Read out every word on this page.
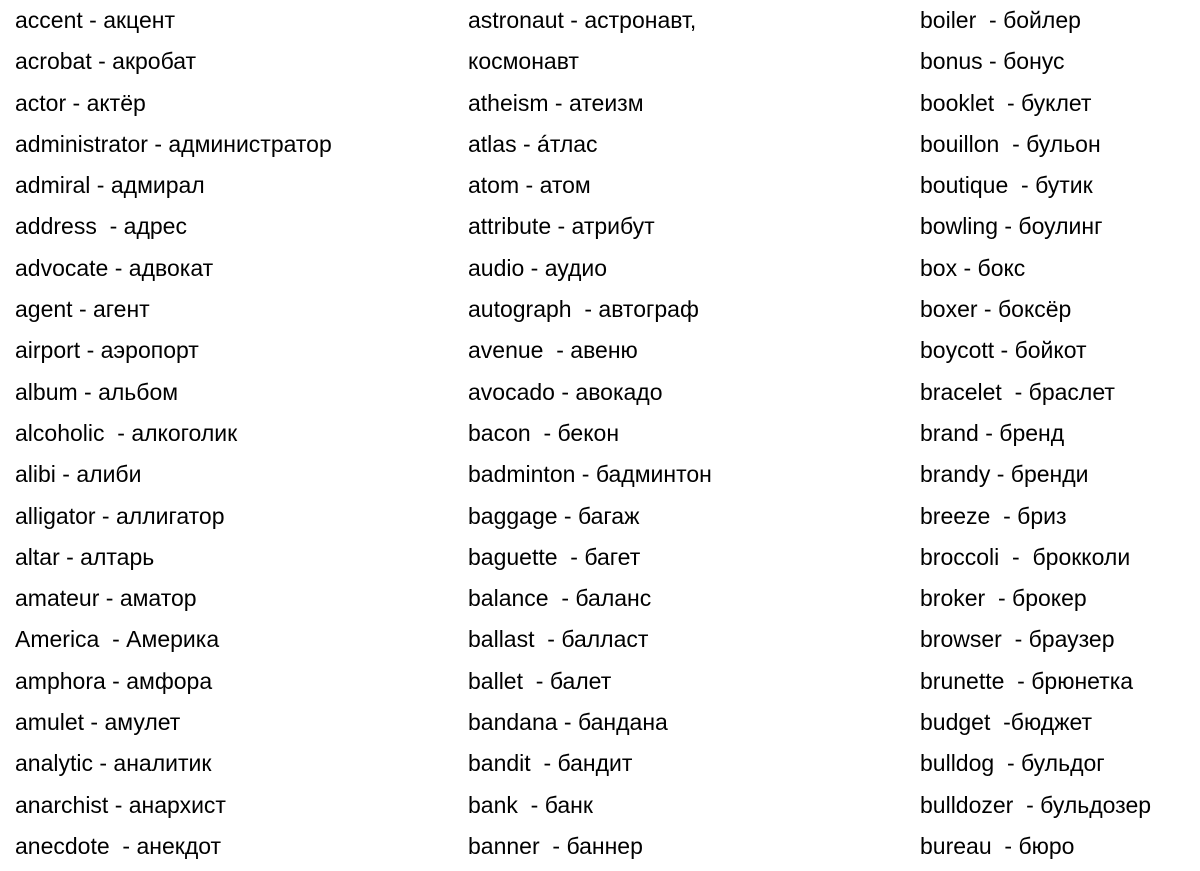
accent - акцент
acrobat - акробат
actor - актёр
administrator - администратор
admiral - адмирал
address  - адрес
advocate - адвокат
agent - агент
airport - аэропорт
album - альбом
alcoholic  - алкоголик
alibi - алиби
alligator - аллигатор
altar - алтарь
amateur - аматор
America  - Америка
amphora - амфора
amulet - амулет
analytic - аналитик
anarchist - анархист
anecdote  - анекдот
astronaut - астронавт,
космонавт
atheism - атеизм
atlas - áтлас
atom - атом
attribute - атрибут
audio - аудио
autograph  - автограф
avenue  - авеню
avocado - авокадо
bacon  - бекон
badminton - бадминтон
baggage - багаж
baguette  - багет
balance  - баланс
ballast  - балласт
ballet  - балет
bandana - бандана
bandit  - бандит
bank  - банк
banner  - баннер
boiler  - бойлер
bonus - бонус
booklet  - буклет
bouillon  - бульон
boutique  - бутик
bowling - боулинг
box - бокс
boxer - боксёр
boycott - бойкот
bracelet  - браслет
brand - бренд
brandy - бренди
breeze  - бриз
broccoli  -  брокколи
broker  - брокер
browser  - браузер
brunette  - брюнетка
budget  -бюджет
bulldog  - бульдог
bulldozer  - бульдозер
bureau  - бюро
